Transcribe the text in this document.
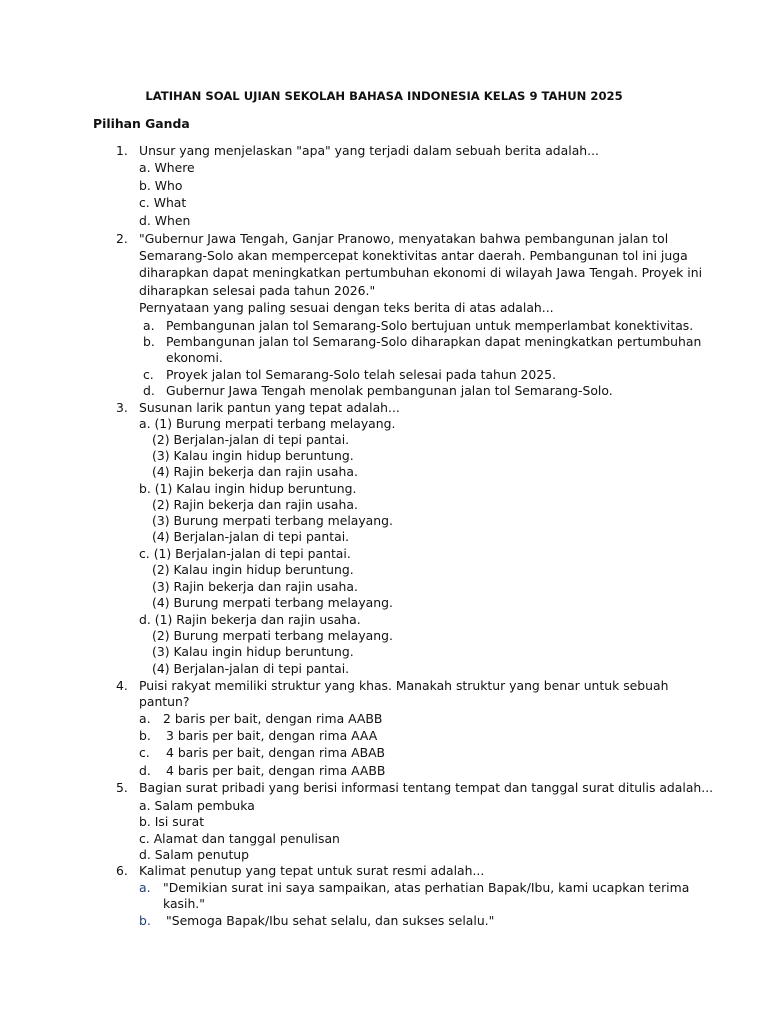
LATIHAN SOAL UJIAN SEKOLAH BAHASA INDONESIA KELAS 9 TAHUN 2025
Pilihan Ganda
1. Unsur yang menjelaskan "apa" yang terjadi dalam sebuah berita adalah...
a. Where
b. Who
c. What
d. When
2. "Gubernur Jawa Tengah, Ganjar Pranowo, menyatakan bahwa pembangunan jalan tol
Semarang-Solo akan mempercepat konektivitas antar daerah. Pembangunan tol ini juga
diharapkan dapat meningkatkan pertumbuhan ekonomi di wilayah Jawa Tengah. Proyek ini
diharapkan selesai pada tahun 2026."
Pernyataan yang paling sesuai dengan teks berita di atas adalah...
a. Pembangunan jalan tol Semarang-Solo bertujuan untuk memperlambat konektivitas.
b. Pembangunan jalan tol Semarang-Solo diharapkan dapat meningkatkan pertumbuhan
ekonomi.
c. Proyek jalan tol Semarang-Solo telah selesai pada tahun 2025.
d. Gubernur Jawa Tengah menolak pembangunan jalan tol Semarang-Solo.
3. Susunan larik pantun yang tepat adalah...
a. (1) Burung merpati terbang melayang.
(2) Berjalan-jalan di tepi pantai.
(3) Kalau ingin hidup beruntung.
(4) Rajin bekerja dan rajin usaha.
b. (1) Kalau ingin hidup beruntung.
(2) Rajin bekerja dan rajin usaha.
(3) Burung merpati terbang melayang.
(4) Berjalan-jalan di tepi pantai.
c. (1) Berjalan-jalan di tepi pantai.
(2) Kalau ingin hidup beruntung.
(3) Rajin bekerja dan rajin usaha.
(4) Burung merpati terbang melayang.
d. (1) Rajin bekerja dan rajin usaha.
(2) Burung merpati terbang melayang.
(3) Kalau ingin hidup beruntung.
(4) Berjalan-jalan di tepi pantai.
4. Puisi rakyat memiliki struktur yang khas. Manakah struktur yang benar untuk sebuah
pantun?
a. 2 baris per bait, dengan rima AABB
b. 3 baris per bait, dengan rima AAA
c. 4 baris per bait, dengan rima ABAB
d. 4 baris per bait, dengan rima AABB
5. Bagian surat pribadi yang berisi informasi tentang tempat dan tanggal surat ditulis adalah...
a. Salam pembuka
b. Isi surat
c. Alamat dan tanggal penulisan
d. Salam penutup
6. Kalimat penutup yang tepat untuk surat resmi adalah...
a. "Demikian surat ini saya sampaikan, atas perhatian Bapak/Ibu, kami ucapkan terima
kasih."
b. "Semoga Bapak/Ibu sehat selalu, dan sukses selalu."
